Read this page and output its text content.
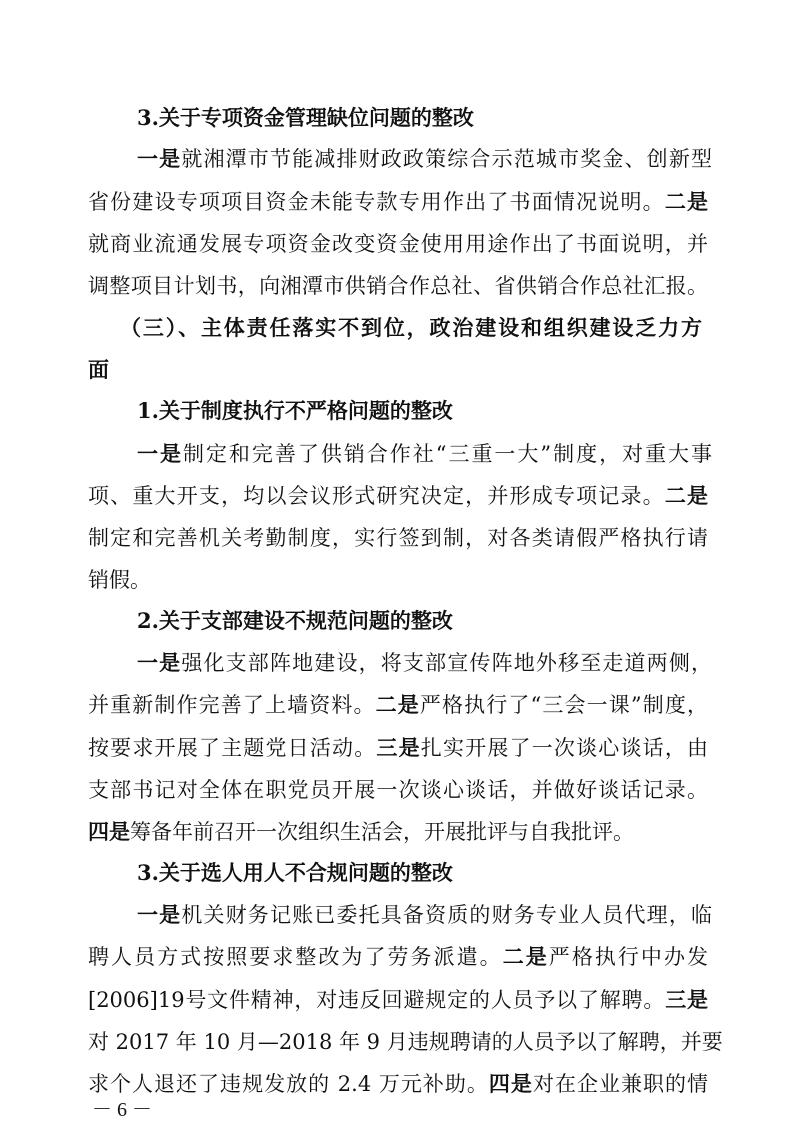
3.关于专项资金管理缺位问题的整改
一是就湘潭市节能减排财政政策综合示范城市奖金、创新型
省份建设专项项目资金未能专款专用作出了书面情况说明。二是
就商业流通发展专项资金改变资金使用用途作出了书面说明，并
调整项目计划书，向湘潭市供销合作总社、省供销合作总社汇报。
（三）、主体责任落实不到位，政治建设和组织建设乏力方
面
1.关于制度执行不严格问题的整改
一是制定和完善了供销合作社“三重一大”制度，对重大事
项、重大开支，均以会议形式研究决定，并形成专项记录。二是
制定和完善机关考勤制度，实行签到制，对各类请假严格执行请
销假。
2.关于支部建设不规范问题的整改
一是强化支部阵地建设，将支部宣传阵地外移至走道两侧，
并重新制作完善了上墙资料。二是严格执行了“三会一课”制度，
按要求开展了主题党日活动。三是扎实开展了一次谈心谈话，由
支部书记对全体在职党员开展一次谈心谈话，并做好谈话记录。
四是筹备年前召开一次组织生活会，开展批评与自我批评。
3.关于选人用人不合规问题的整改
一是机关财务记账已委托具备资质的财务专业人员代理，临
聘人员方式按照要求整改为了劳务派遣。二是严格执行中办发
[2006]19号文件精神，对违反回避规定的人员予以了解聘。三是
对 2017 年 10 月—2018 年 9 月违规聘请的人员予以了解聘，并要
求个人退还了违规发放的 2.4 万元补助。四是对在企业兼职的情
－ 6 －
